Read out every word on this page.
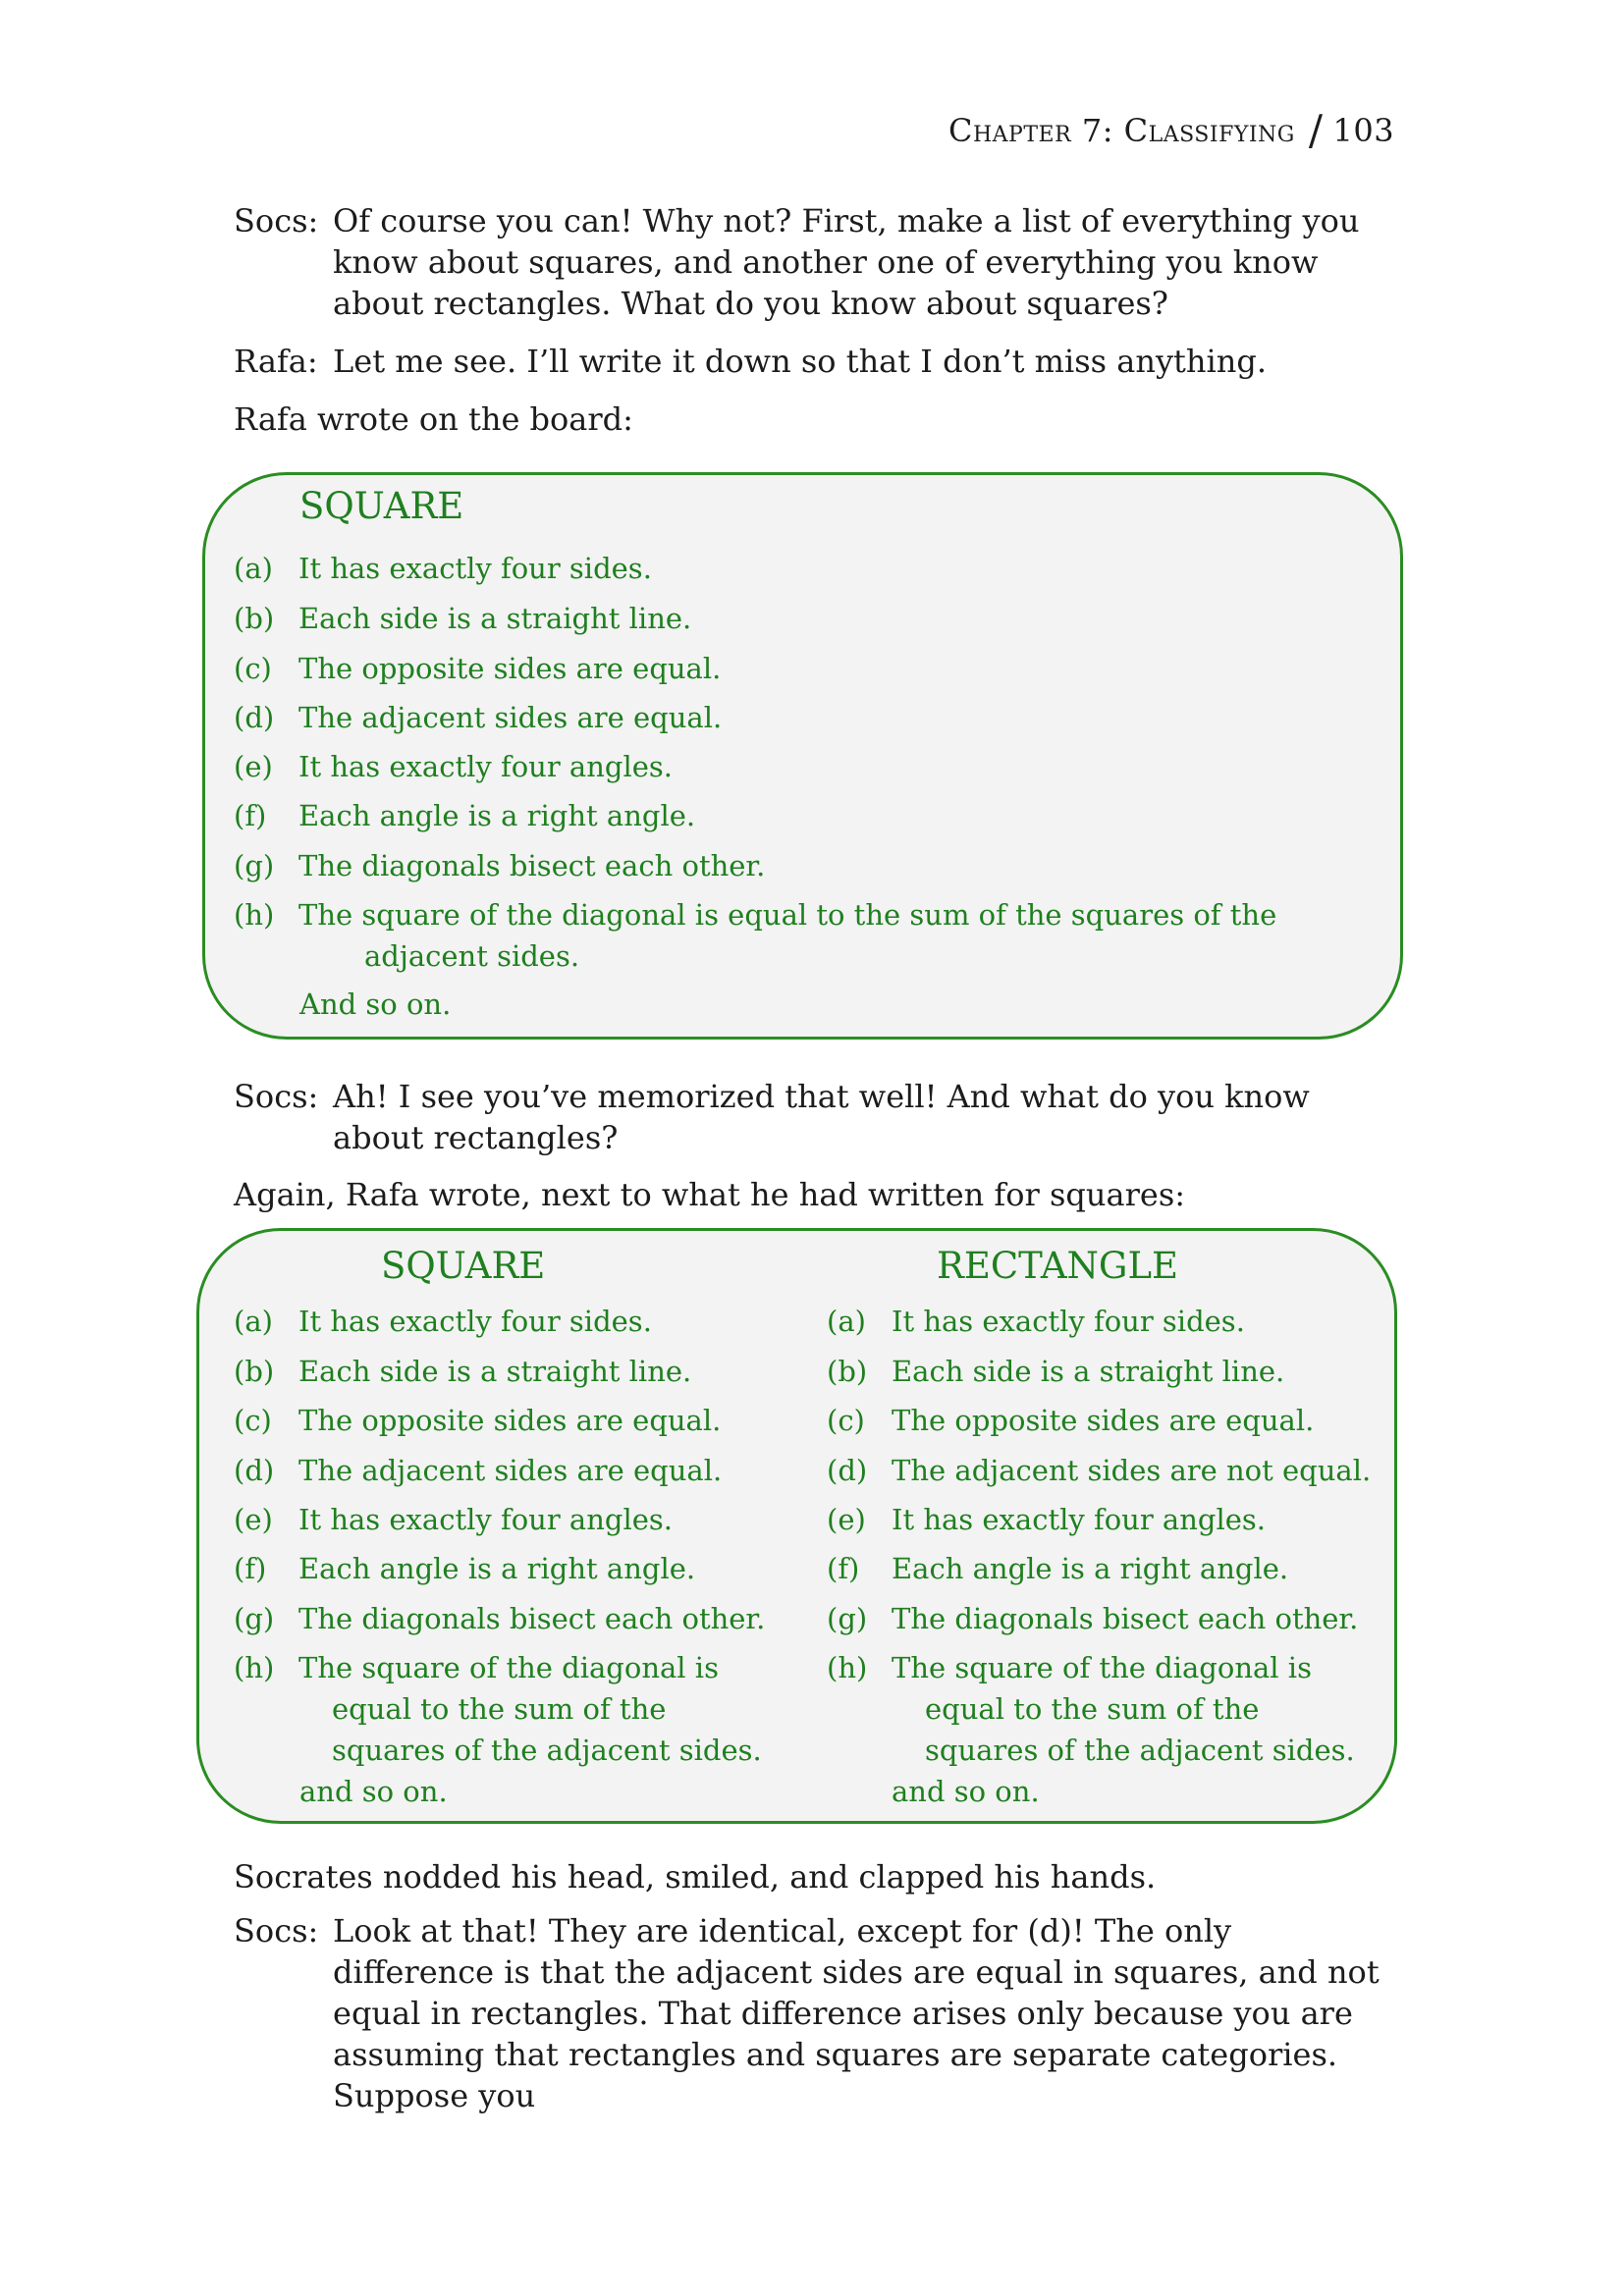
Chapter 7: Classifying / 103
Socs: Of course you can! Why not? First, make a list of everything you know about squares, and another one of everything you know about rectangles. What do you know about squares?
Rafa: Let me see. I’ll write it down so that I don’t miss anything.
Rafa wrote on the board:
SQUARE
(a) It has exactly four sides.
(b) Each side is a straight line.
(c) The opposite sides are equal.
(d) The adjacent sides are equal.
(e) It has exactly four angles.
(f) Each angle is a right angle.
(g) The diagonals bisect each other.
(h) The square of the diagonal is equal to the sum of the squares of the
adjacent sides.
And so on.
Socs: Ah! I see you’ve memorized that well! And what do you know about rectangles?
Again, Rafa wrote, next to what he had written for squares:
SQUARE
(a) It has exactly four sides.
(b) Each side is a straight line.
(c) The opposite sides are equal.
(d) The adjacent sides are equal.
(e) It has exactly four angles.
(f) Each angle is a right angle.
(g) The diagonals bisect each other.
(h) The square of the diagonal is
equal to the sum of the
squares of the adjacent sides.
and so on.
RECTANGLE
(a) It has exactly four sides.
(b) Each side is a straight line.
(c) The opposite sides are equal.
(d) The adjacent sides are not equal.
(e) It has exactly four angles.
(f) Each angle is a right angle.
(g) The diagonals bisect each other.
(h) The square of the diagonal is
equal to the sum of the
squares of the adjacent sides.
and so on.
Socrates nodded his head, smiled, and clapped his hands.
Socs: Look at that! They are identical, except for (d)! The only difference is that the adjacent sides are equal in squares, and not equal in rectangles. That difference arises only because you are assuming that rectangles and squares are separate categories. Suppose you
